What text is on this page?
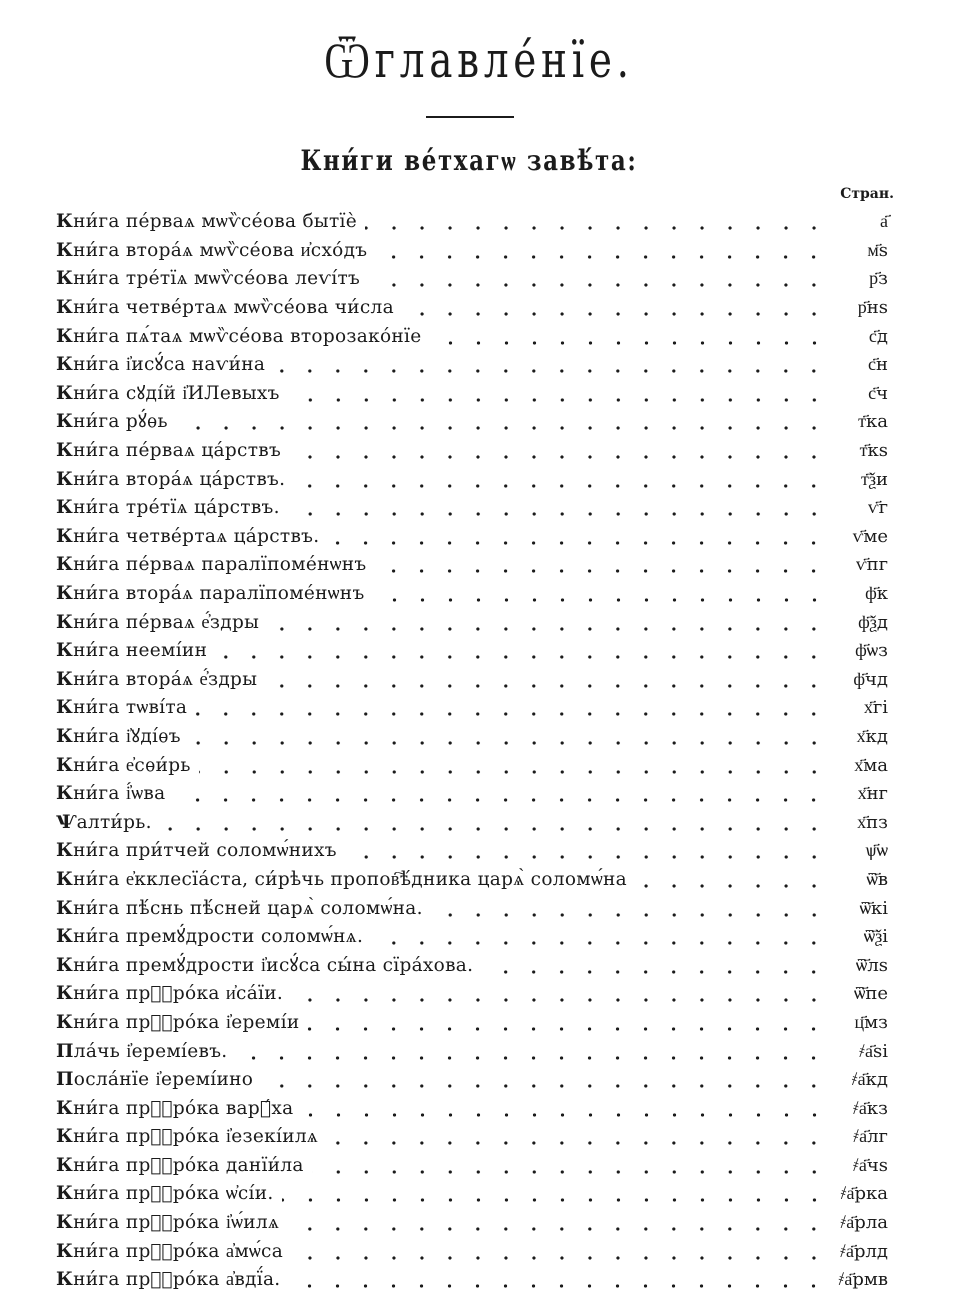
Ѿглавле́нїе.
Кни́ги ве́тхагѡ завѣ́та:
Стран.
Кни́га пе́рваѧ мѡѷсе́ова бытїѐ	а҃
Кни́га втора́ѧ мѡѷсе́ова и҆схо́дъ	м҃ѕ
Кни́га тре́тїѧ мѡѷсе́ова леѵі́тъ	р҃з
Кни́га четве́ртаѧ мѡѷсе́ова чи́сла	р҃нѕ
Кни́га пѧ́таѧ мѡѷсе́ова второзако́нїе	с҃д
Кни́га і҆исꙋ́са наѵи́на	с҃н
Кни́га сꙋді́й і҆ИЛевыхъ	с҃ч
Кни́га рꙋ́ѳь	т҃ка
Кни́га пе́рваѧ ца́рствъ	т҃кѕ
Кни́га втора́ѧ ца́рствъ.	т҃ѯи
Кни́га тре́тїѧ ца́рствъ.	ѵ҃г
Кни́га четве́ртаѧ ца́рствъ.	ѵ҃ме
Кни́га пе́рваѧ паралїпоме́нѡнъ	ѵ҃пг
Кни́га втора́ѧ паралїпоме́нѡнъ	ф҃к
Кни́га пе́рваѧ е҆́здры	ф҃ѯд
Кни́га неемі́ин	ф҃ѡз
Кни́га втора́ѧ е҆́здры	ф҃чд
Кни́га тѡві́та	х҃гі
Кни́га і҆ꙋді́ѳъ	х҃кд
Кни́га е҆сѳи́рь	х҃ма
Кни́га і҆́ѡва	х҃нг
Ѱалти́рь.	х҃пз
Кни́га при́тчей соломѡ́нихъ	ѱ҃ѡ
Кни́га е҆кклесїа́ста, си́рѣчь пропов҇ѣ́дника царѧ̀ соломѡ́на	ѿ҃в
Кни́га пѣ́снь пѣ́сней царѧ̀ соломѡ́на.	ѿ҃кі
Кни́га премꙋ́дрости соломѡ́нѧ.	ѿ҃ѯі
Кни́га премꙋ́дрости і҆исꙋ́са сы́на сїра́хова.	ѿ҃лѕ
Кни́га прⷪ҇ро́ка и҆са́їи.	ѿ҃пе
Кни́га прⷪ҇ро́ка і҆еремі́и	ц҃мз
Пла́чь і҆еремі́евъ.	҂а҃ѕі
Посла́нїе і҆еремі́ино	҂а҃кд
Кни́га прⷪ҇ро́ка варꙋ́ха	҂а҃кз
Кни́га прⷪ҇ро́ка і҆езекі́илѧ	҂а҃лг
Кни́га прⷪ҇ро́ка данїи́ла	҂а҃чѕ
Кни́га прⷪ҇ро́ка ѡ҆сі́и.	҂а҃рка
Кни́га прⷪ҇ро́ка і҆ѡ́илѧ	҂а҃рла
Кни́га прⷪ҇ро́ка а҆мѡ́са	҂а҃рлд
Кни́га прⷪ҇ро́ка а҆вдї́а.	҂а҃рмв
